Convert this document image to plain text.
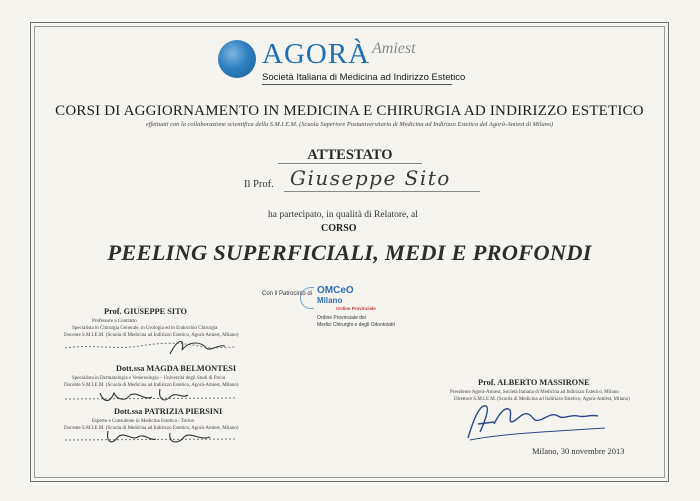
AGORÀ Amiest
Società Italiana di Medicina ad Indirizzo Estetico
CORSI DI AGGIORNAMENTO IN MEDICINA E CHIRURGIA AD INDIRIZZO ESTETICO
effettuati con la collaborazione scientifica della S.M.I.E.M. (Scuola Superiore Postuniversitaria di Medicina ad Indirizzo Estetico del Agorà-Amiest di Milano)
ATTESTATO
Il Prof. Giuseppe Sito
ha partecipato, in qualità di Relatore, al
CORSO
PEELING SUPERFICIALI, MEDI E PROFONDI
Con il Patrocinio di OMCeO
Milano
Ordine Provinciale
Ordine Provinciale dei
Medici Chirurghi e degli Odontoiatri
Prof. GIUSEPPE SITO
Professore a Contratto
Specialista in Chirurgia Generale, in Urologia ed in Endocrino Chirurgia
Docente S.M.I.E.M. (Scuola di Medicina ad Indirizzo Estetico, Agorà-Amiest, Milano)
Dott.ssa MAGDA BELMONTESI
Specialista in Dermatologia e Venereologia – Università degli Studi di Pavia
Docente S.M.I.E.M. (Scuola di Medicina ad Indirizzo Estetico, Agorà-Amiest, Milano)
Dott.ssa PATRIZIA PIERSINI
Esperto e Consulente in Medicina Estetica - Torino
Docente S.M.I.E.M. (Scuola di Medicina ad Indirizzo Estetico, Agorà-Amiest, Milano)
Prof. ALBERTO MASSIRONE
Presidente Agorà-Amiest, Società Italiana di Medicina ad Indirizzo Estetico, Milano
Direttore S.M.I.E.M. (Scuola di Medicina ad Indirizzo Estetico, Agorà-Amiest, Milano)
Milano, 30 novembre 2013
